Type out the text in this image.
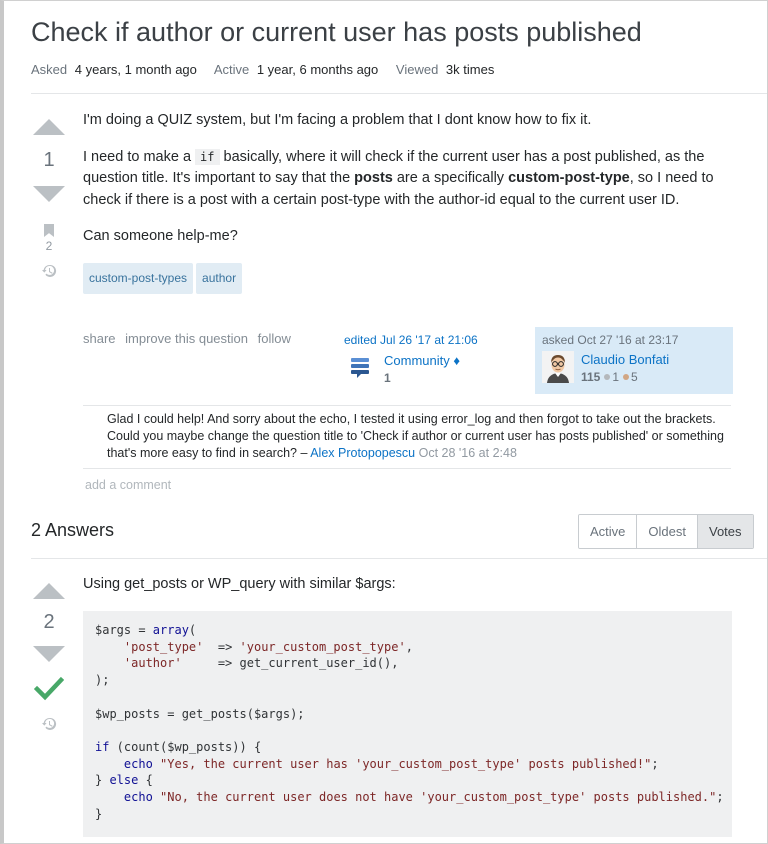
Check if author or current user has posts published
Asked 4 years, 1 month ago Active 1 year, 6 months ago Viewed 3k times
1
2

I'm doing a QUIZ system, but I'm facing a problem that I dont know how to fix it.

I need to make a if basically, where it will check if the current user has a post published, as the question title. It's important to say that the posts are a specifically custom-post-type, so I need to check if there is a post with a certain post-type with the author-id equal to the current user ID.

Can someone help-me?

custom-post-types author
share improve this question follow	edited Jul 26 '17 at 21:06
Community ♦
1
asked Oct 27 '16 at 23:17
Claudio Bonfati
115 1 5
Glad I could help! And sorry about the echo, I tested it using error_log and then forgot to take out the brackets. Could you maybe change the question title to 'Check if author or current user has posts published' or something that's more easy to find in search? – Alex Protopopescu Oct 28 '16 at 2:48
add a comment
2 Answers	Active	Oldest	Votes
2

Using get_posts or WP_query with similar $args:

$args = array(
'post_type'  => 'your_custom_post_type',
'author'	=> get_current_user_id(),
);

$wp_posts = get_posts($args);

if (count($wp_posts)) {
echo "Yes, the current user has 'your_custom_post_type' posts published!";
} else {
echo "No, the current user does not have 'your_custom_post_type' posts published.";
}
